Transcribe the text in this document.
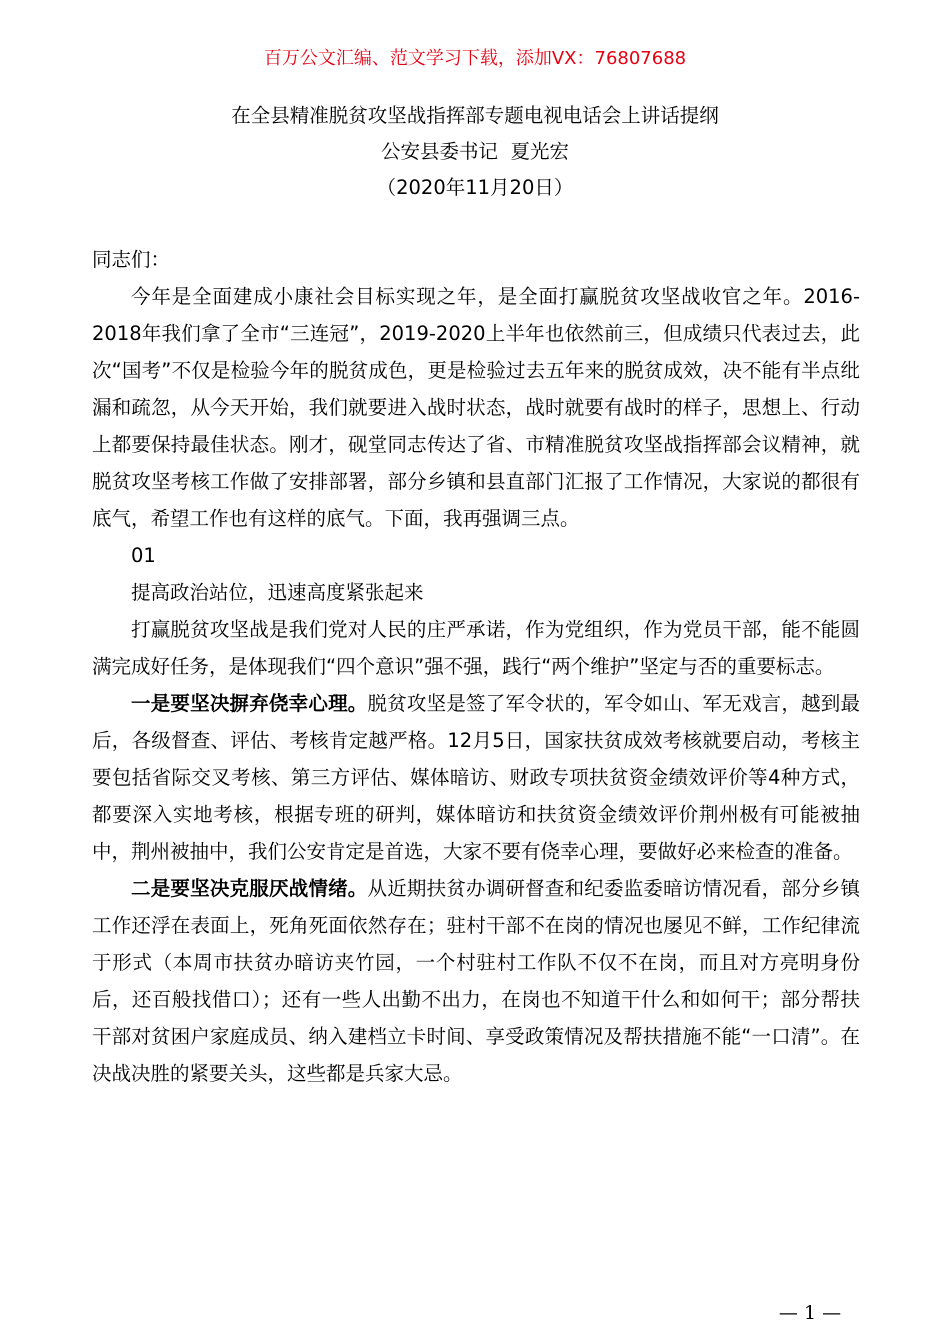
百万公文汇编、范文学习下载，添加VX：76807688
在全县精准脱贫攻坚战指挥部专题电视电话会上讲话提纲
公安县委书记  夏光宏
（2020年11月20日）

同志们：

今年是全面建成小康社会目标实现之年，是全面打赢脱贫攻坚战收官之年。2016-2018年我们拿了全市“三连冠”，2019-2020上半年也依然前三，但成绩只代表过去，此次“国考”不仅是检验今年的脱贫成色，更是检验过去五年来的脱贫成效，决不能有半点纰漏和疏忽，从今天开始，我们就要进入战时状态，战时就要有战时的样子，思想上、行动上都要保持最佳状态。刚才，砚堂同志传达了省、市精准脱贫攻坚战指挥部会议精神，就脱贫攻坚考核工作做了安排部署，部分乡镇和县直部门汇报了工作情况，大家说的都很有底气，希望工作也有这样的底气。下面，我再强调三点。

01

提高政治站位，迅速高度紧张起来

打赢脱贫攻坚战是我们党对人民的庄严承诺，作为党组织，作为党员干部，能不能圆满完成好任务，是体现我们“四个意识”强不强，践行“两个维护”坚定与否的重要标志。

一是要坚决摒弃侥幸心理。脱贫攻坚是签了军令状的，军令如山、军无戏言，越到最后，各级督查、评估、考核肯定越严格。12月5日，国家扶贫成效考核就要启动，考核主要包括省际交叉考核、第三方评估、媒体暗访、财政专项扶贫资金绩效评价等4种方式，都要深入实地考核，根据专班的研判，媒体暗访和扶贫资金绩效评价荆州极有可能被抽中，荆州被抽中，我们公安肯定是首选，大家不要有侥幸心理，要做好必来检查的准备。

二是要坚决克服厌战情绪。从近期扶贫办调研督查和纪委监委暗访情况看，部分乡镇工作还浮在表面上，死角死面依然存在；驻村干部不在岗的情况也屡见不鲜，工作纪律流于形式（本周市扶贫办暗访夹竹园，一个村驻村工作队不仅不在岗，而且对方亮明身份后，还百般找借口）；还有一些人出勤不出力，在岗也不知道干什么和如何干；部分帮扶干部对贫困户家庭成员、纳入建档立卡时间、享受政策情况及帮扶措施不能“一口清”。在决战决胜的紧要关头，这些都是兵家大忌。

— 1 —
